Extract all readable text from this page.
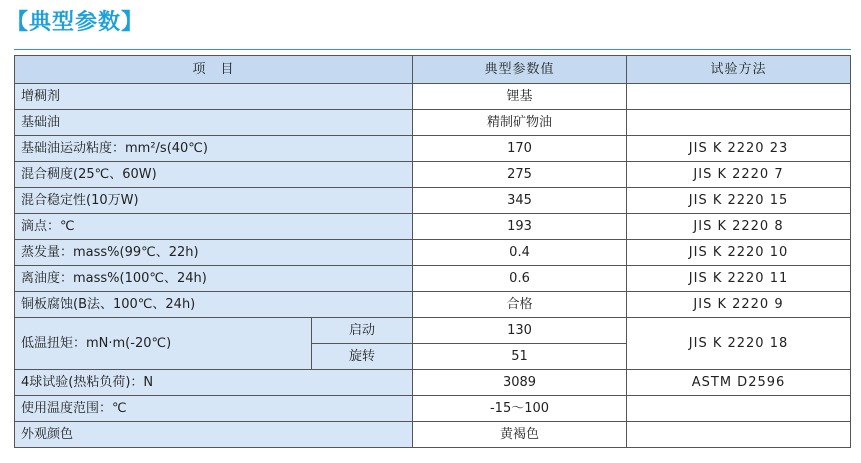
【典型参数】
项　目		典型参数值	试验方法
增稠剂		锂基	
基础油		精制矿物油	
基础油运动粘度：mm²/s(40℃)		170	JIS K 2220 23
混合稠度(25℃、60W)		275	JIS K 2220 7
混合稳定性(10万W)		345	JIS K 2220 15
滴点：℃		193	JIS K 2220 8
蒸发量：mass%(99℃、22h)		0.4	JIS K 2220 10
离油度：mass%(100℃、24h)		0.6	JIS K 2220 11
铜板腐蚀(B法、100℃、24h)		合格	JIS K 2220 9
低温扭矩：mN·m(-20℃)	启动	130	JIS K 2220 18
	旋转	51	
4球试验(热粘负荷)：N		3089	ASTM D2596
使用温度范围：℃		-15～100	
外观颜色		黄褐色	
